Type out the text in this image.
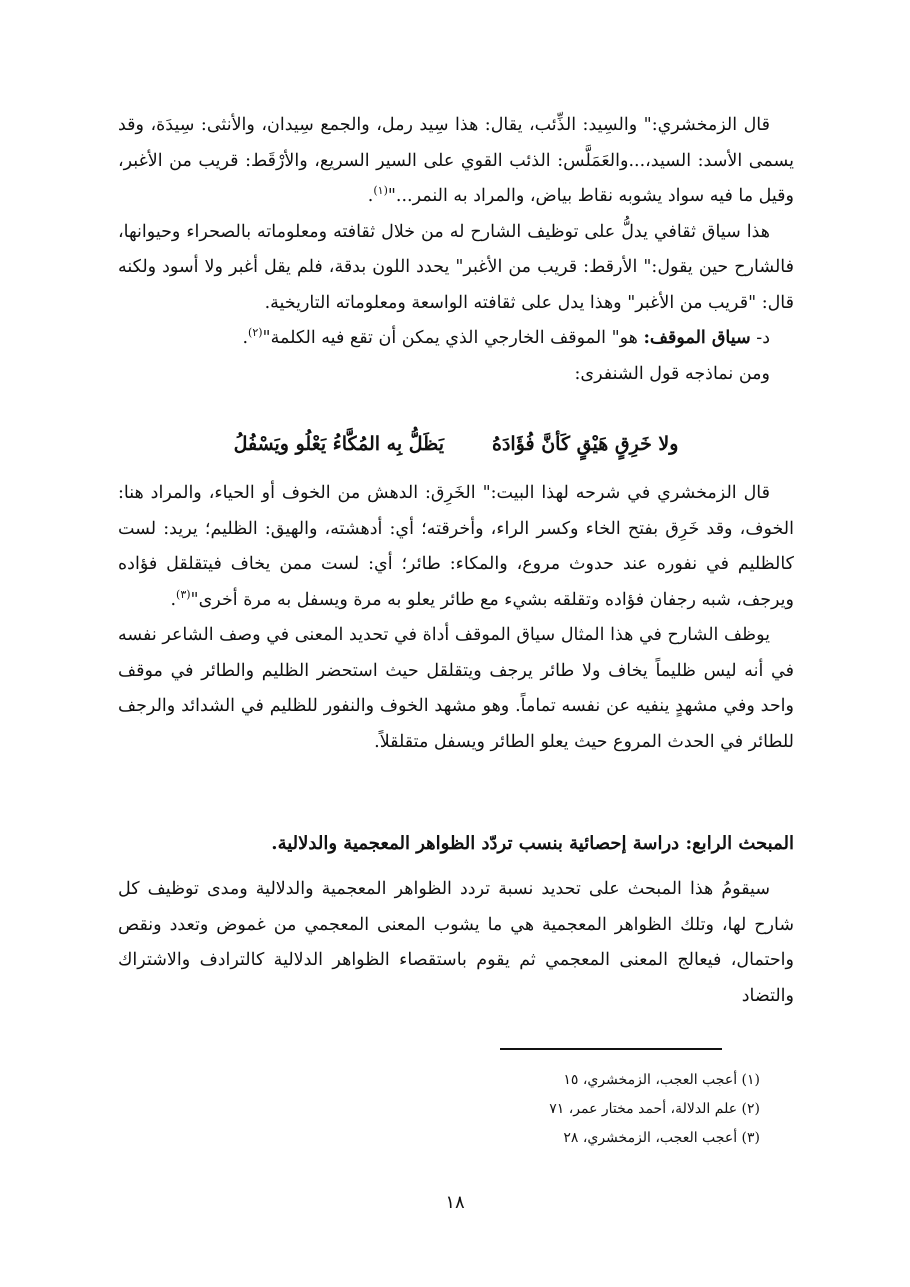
قال الزمخشري:" والسِيد: الذِّئب، يقال: هذا سِيد رمل، والجمع سِيدان، والأنثى: سِيدَة، وقد يسمى الأسد: السيد،...والعَمَلَّس: الذئب القوي على السير السريع، والأرْقَط: قريب من الأغبر، وقيل ما فيه سواد يشوبه نقاط بياض، والمراد به النمر..."$^{(١)}$.

هذا سياق ثقافي يدلُّ على توظيف الشارح له من خلال ثقافته ومعلوماته بالصحراء وحيوانها، فالشارح حين يقول:" الأرقط: قريب من الأغبر" يحدد اللون بدقة، فلم يقل أغبر ولا أسود ولكنه قال: "قريب من الأغبر" وهذا يدل على ثقافته الواسعة ومعلوماته التاريخية.

د- سياق الموقف: هو" الموقف الخارجي الذي يمكن أن تقع فيه الكلمة"$^{(٢)}$.

ومن نماذجه قول الشنفرى:

ولا خَرِقٍ هَيْقٍ كَأنَّ فُؤَادَهُ
يَظَلُّ بِه المُكَّاءُ يَعْلُو ويَسْفُلُ

قال الزمخشري في شرحه لهذا البيت:" الخَرِق: الدهش من الخوف أو الحياء، والمراد هنا: الخوف، وقد خَرِق بفتح الخاء وكسر الراء، وأخرقته؛ أي: أدهشته، والهيق: الظليم؛ يريد: لست كالظليم في نفوره عند حدوث مروع، والمكاء: طائر؛ أي: لست ممن يخاف فيتقلقل فؤاده ويرجف، شبه رجفان فؤاده وتقلقه بشيء مع طائر يعلو به مرة ويسفل به مرة أخرى"$^{(٣)}$.

يوظف الشارح في هذا المثال سياق الموقف أداة في تحديد المعنى في وصف الشاعر نفسه في أنه ليس ظليماً يخاف ولا طائر يرجف ويتقلقل حيث استحضر الظليم والطائر في موقف واحد وفي مشهدٍ ينفيه عن نفسه تماماً. وهو مشهد الخوف والنفور للظليم في الشدائد والرجف للطائر في الحدث المروع حيث يعلو الطائر ويسفل متقلقلاً.

المبحث الرابع: دراسة إحصائية بنسب تردّد الظواهر المعجمية والدلالية.

سيقومُ هذا المبحث على تحديد نسبة تردد الظواهر المعجمية والدلالية ومدى توظيف كل شارح لها، وتلك الظواهر المعجمية هي ما يشوب المعنى المعجمي من غموض وتعدد ونقص واحتمال، فيعالج المعنى المعجمي ثم يقوم باستقصاء الظواهر الدلالية كالترادف والاشتراك والتضاد

(١) أعجب العجب، الزمخشري، ١٥

(٢) علم الدلالة، أحمد مختار عمر، ٧١

(٣) أعجب العجب، الزمخشري، ٢٨

١٨
